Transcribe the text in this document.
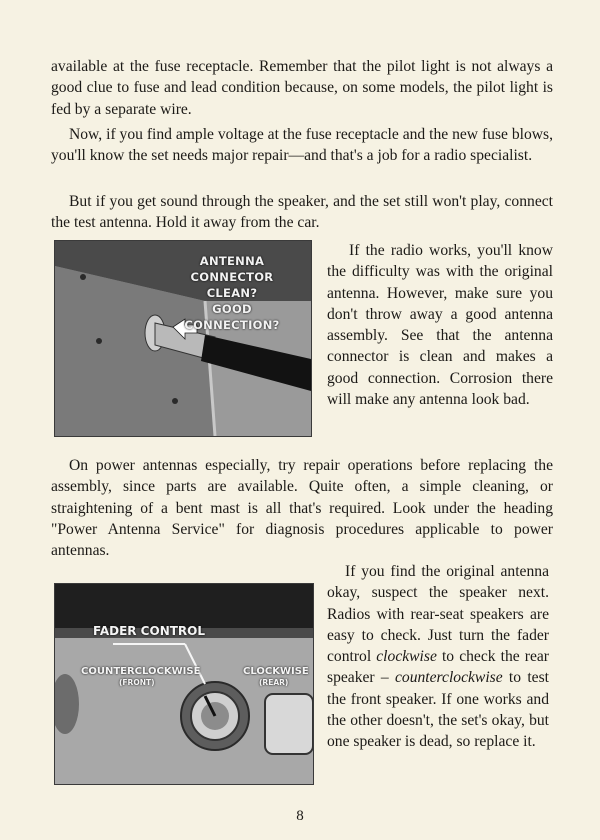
available at the fuse receptacle. Remember that the pilot light is not always a good clue to fuse and lead condition because, on some models, the pilot light is fed by a separate wire.

Now, if you find ample voltage at the fuse receptacle and the new fuse blows, you'll know the set needs major repair—and that's a job for a radio specialist.

But if you get sound through the speaker, and the set still won't play, connect the test antenna. Hold it away from the car.

ANTENNA CONNECTOR
CLEAN?
GOOD
CONNECTION?

If the radio works, you'll know the difficulty was with the original antenna. However, make sure you don't throw away a good antenna assembly. See that the antenna connector is clean and makes a good connection. Corrosion there will make any antenna look bad.

On power antennas especially, try repair operations before replacing the assembly, since parts are available. Quite often, a simple cleaning, or straightening of a bent mast is all that's required. Look under the heading "Power Antenna Service" for diagnosis procedures applicable to power antennas.

FADER CONTROL
COUNTERCLOCKWISE
(FRONT)
CLOCKWISE
(REAR)

If you find the original antenna okay, suspect the speaker next. Radios with rear-seat speakers are easy to check. Just turn the fader control clockwise to check the rear speaker – counterclockwise to test the front speaker. If one works and the other doesn't, the set's okay, but one speaker is dead, so replace it.

8
